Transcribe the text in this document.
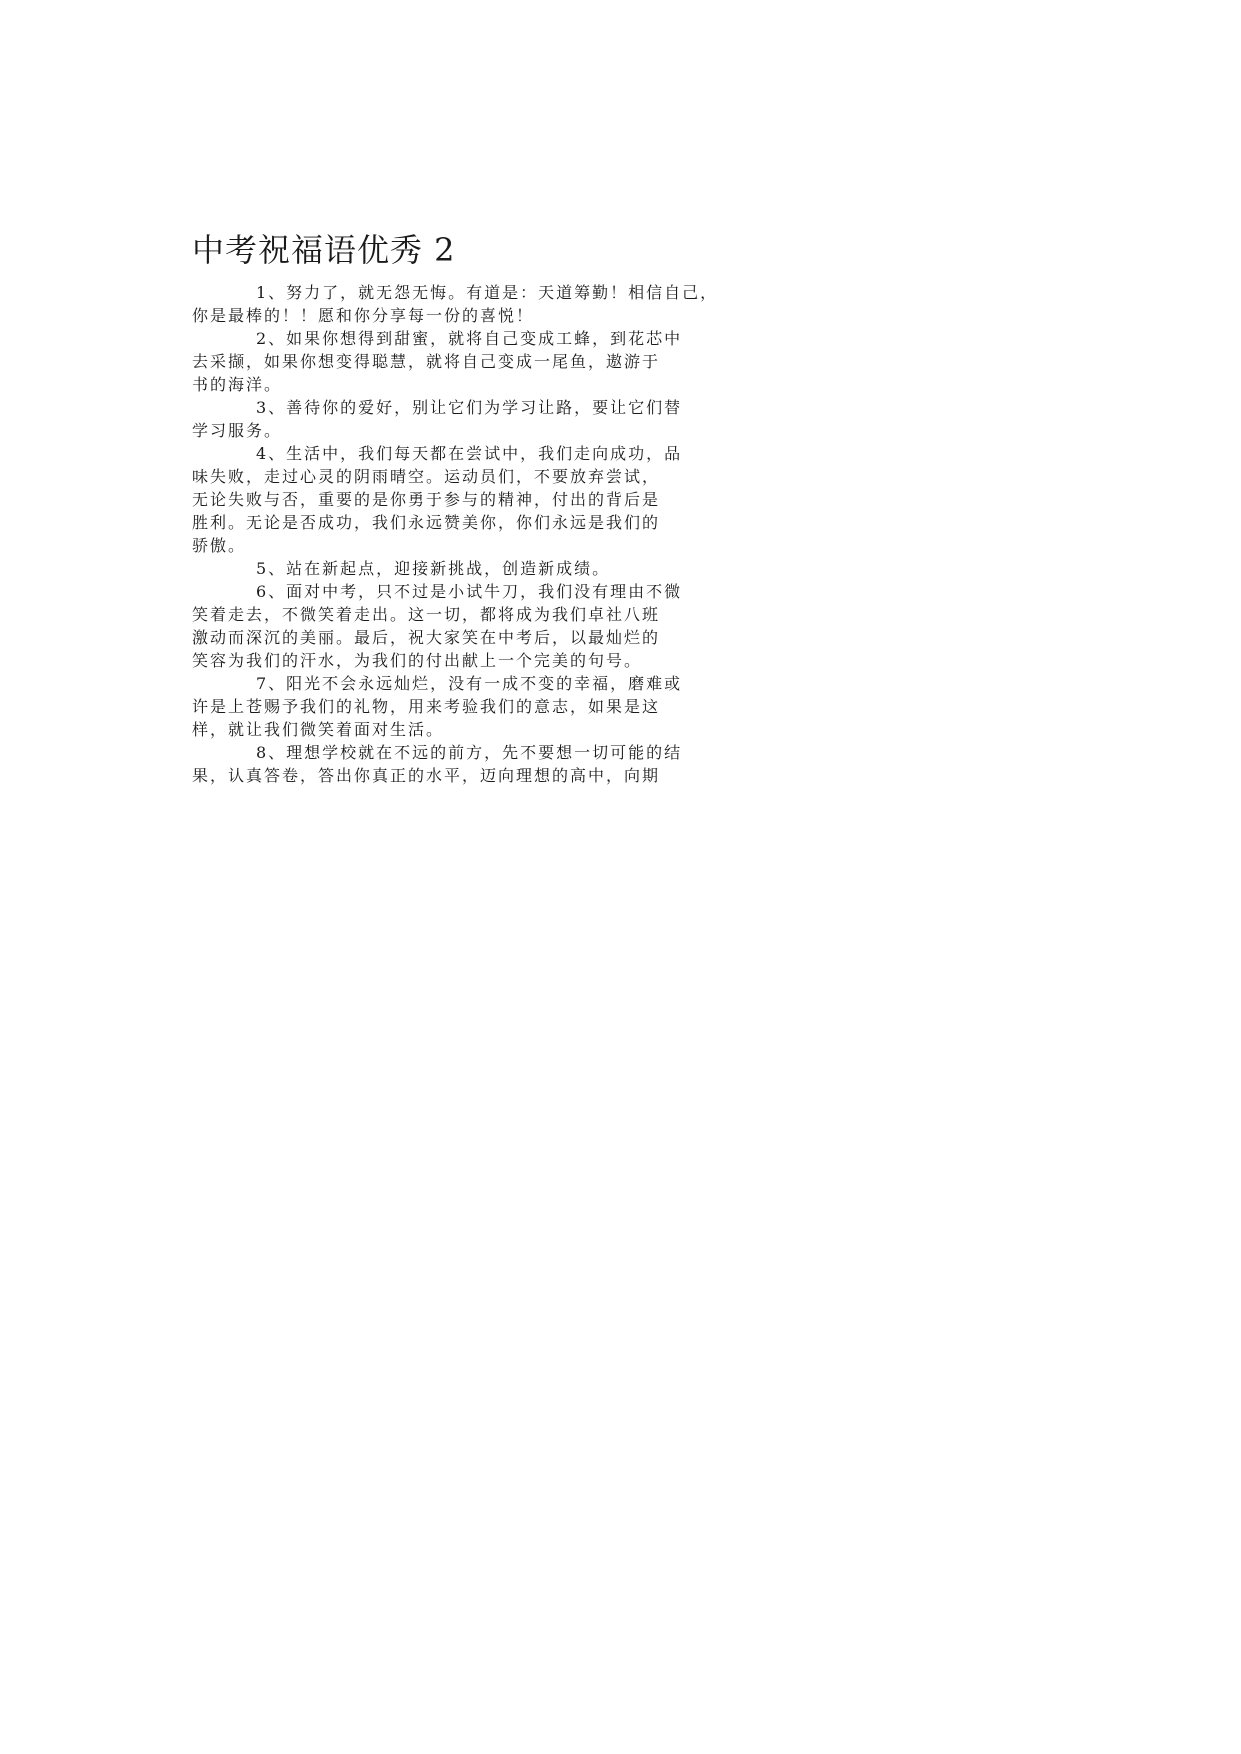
中考祝福语优秀 2
1、努力了，就无怨无悔。有道是：天道筹勤！相信自己，
你是最棒的！！愿和你分享每一份的喜悦！
2、如果你想得到甜蜜，就将自己变成工蜂，到花芯中
去采撷，如果你想变得聪慧，就将自己变成一尾鱼，遨游于
书的海洋。
3、善待你的爱好，别让它们为学习让路，要让它们替
学习服务。
4、生活中，我们每天都在尝试中，我们走向成功，品
味失败，走过心灵的阴雨晴空。运动员们，不要放弃尝试，
无论失败与否，重要的是你勇于参与的精神，付出的背后是
胜利。无论是否成功，我们永远赞美你，你们永远是我们的
骄傲。
5、站在新起点，迎接新挑战，创造新成绩。
6、面对中考，只不过是小试牛刀，我们没有理由不微
笑着走去，不微笑着走出。这一切，都将成为我们卓社八班
激动而深沉的美丽。最后，祝大家笑在中考后，以最灿烂的
笑容为我们的汗水，为我们的付出献上一个完美的句号。
7、阳光不会永远灿烂，没有一成不变的幸福，磨难或
许是上苍赐予我们的礼物，用来考验我们的意志，如果是这
样，就让我们微笑着面对生活。
8、理想学校就在不远的前方，先不要想一切可能的结
果，认真答卷，答出你真正的水平，迈向理想的高中，向期
